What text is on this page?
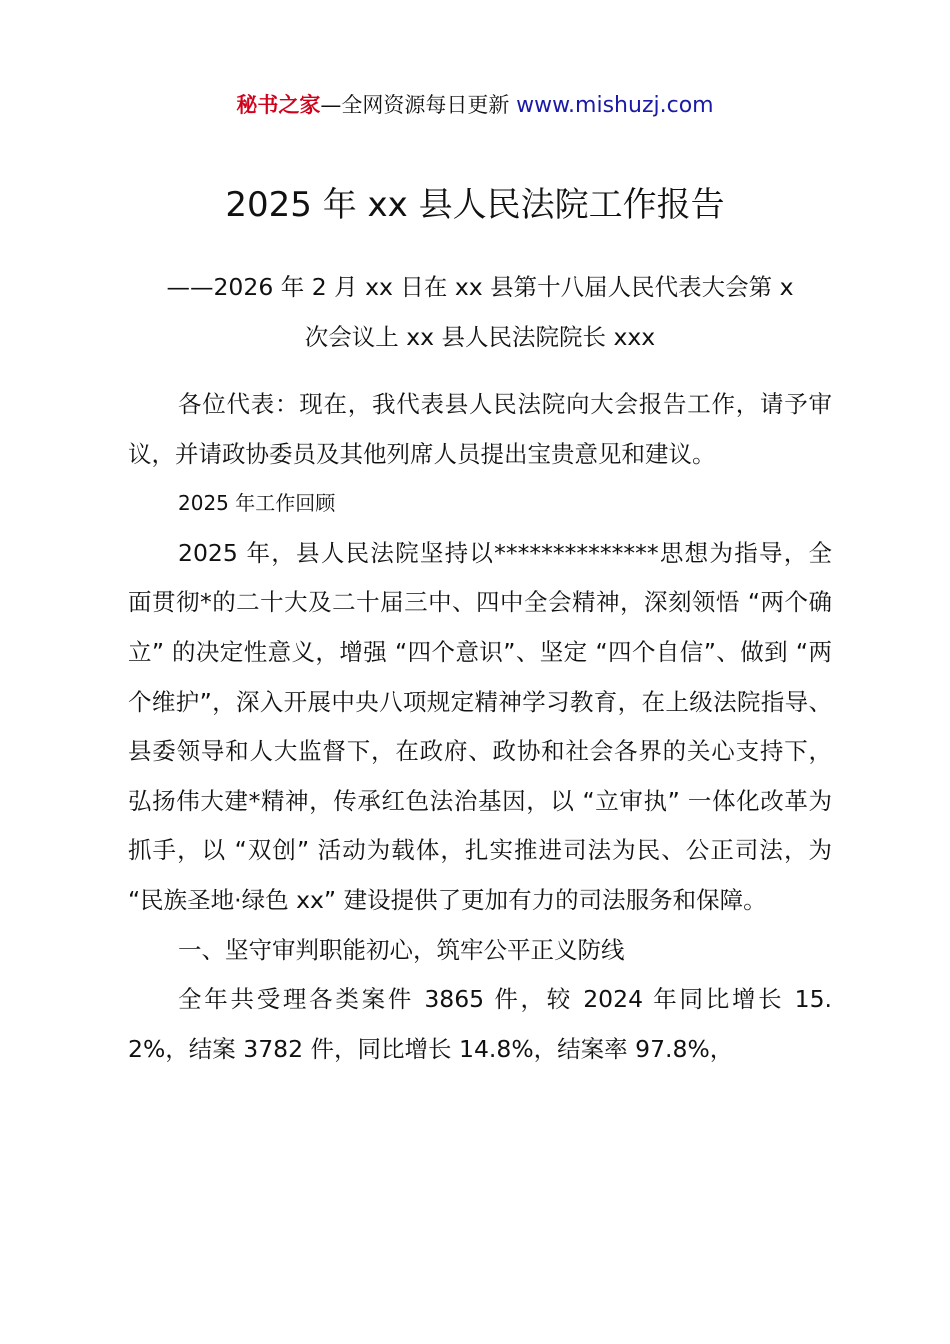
秘书之家—全网资源每日更新 www.mishuzj.com
2025 年 xx 县人民法院工作报告
——2026 年 2 月 xx 日在 xx 县第十八届人民代表大会第 x
次会议上 xx 县人民法院院长 xxx

各位代表：现在，我代表县人民法院向大会报告工作，请予审议，并请政协委员及其他列席人员提出宝贵意见和建议。

2025 年工作回顾

2025 年，县人民法院坚持以**************思想为指导，全面贯彻*的二十大及二十届三中、四中全会精神，深刻领悟 “两个确立” 的决定性意义，增强 “四个意识”、坚定 “四个自信”、做到 “两个维护”，深入开展中央八项规定精神学习教育，在上级法院指导、县委领导和人大监督下，在政府、政协和社会各界的关心支持下，弘扬伟大建*精神，传承红色法治基因，以 “立审执” 一体化改革为抓手，以 “双创” 活动为载体，扎实推进司法为民、公正司法，为 “民族圣地·绿色 xx” 建设提供了更加有力的司法服务和保障。

一、坚守审判职能初心，筑牢公平正义防线

全年共受理各类案件 3865 件，较 2024 年同比增长 15.2%，结案 3782 件，同比增长 14.8%，结案率 97.8%，
